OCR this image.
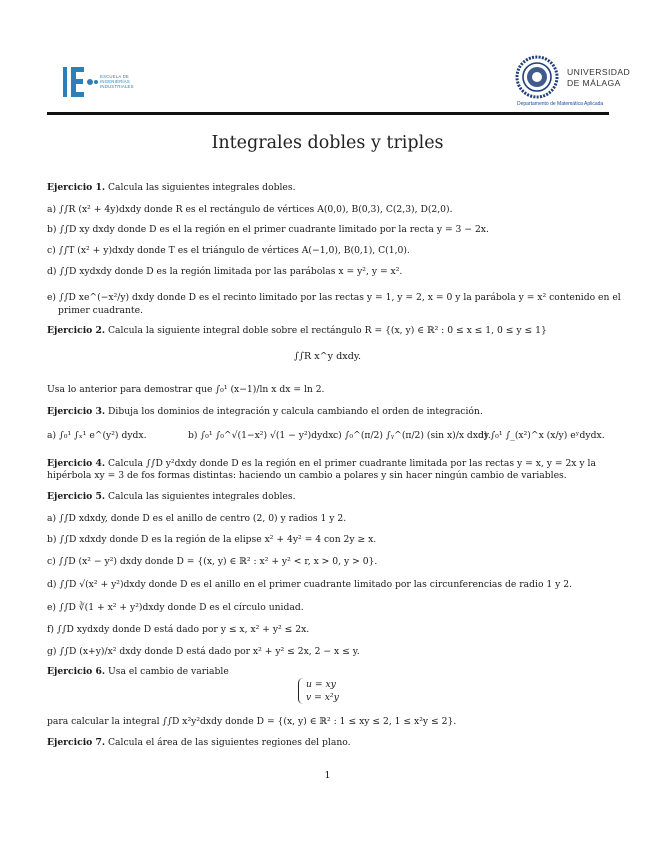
ESCUELA DE
INGENIERÍAS
INDUSTRIALES
UNIVERSIDAD
DE MÁLAGA
Departamento de Matemática Aplicada
Integrales dobles y triples
Ejercicio 1. Calcula las siguientes integrales dobles.
a) ∫∫R (x² + 4y)dxdy donde R es el rectángulo de vértices A(0,0), B(0,3), C(2,3), D(2,0).
b) ∫∫D xy dxdy donde D es el la región en el primer cuadrante limitado por la recta y = 3 − 2x.
c) ∫∫T (x² + y)dxdy donde T es el triángulo de vértices A(−1,0), B(0,1), C(1,0).
d) ∫∫D xydxdy donde D es la región limitada por las parábolas x = y², y = x².
e) ∫∫D xe^(−x²/y) dxdy donde D es el recinto limitado por las rectas y = 1, y = 2, x = 0 y la parábola y = x² contenido en el
primer cuadrante.
Ejercicio 2. Calcula la siguiente integral doble sobre el rectángulo R = {(x, y) ∈ ℝ² : 0 ≤ x ≤ 1, 0 ≤ y ≤ 1}
∫∫R x^y dxdy.
Usa lo anterior para demostrar que ∫₀¹ (x−1)/ln x dx = ln 2.
Ejercicio 3. Dibuja los dominios de integración y calcula cambiando el orden de integración.
a) ∫₀¹ ∫ₓ¹ e^(y²) dydx.	b) ∫₀¹ ∫₀^√(1−x²) √(1 − y²)dydx.
c) ∫₀^(π/2) ∫ᵧ^(π/2) (sin x)/x dxdy.
d) ∫₀¹ ∫_(x²)^x (x/y) eʸdydx.
Ejercicio 4. Calcula ∫∫D y²dxdy donde D es la región en el primer cuadrante limitada por las rectas y = x, y = 2x y la
hipérbola xy = 3 de fos formas distintas: haciendo un cambio a polares y sin hacer ningún cambio de variables.
Ejercicio 5. Calcula las siguientes integrales dobles.
a) ∫∫D xdxdy, donde D es el anillo de centro (2, 0) y radios 1 y 2.
b) ∫∫D xdxdy donde D es la región de la elipse x² + 4y² = 4 con 2y ≥ x.
c) ∫∫D (x² − y²) dxdy donde D = {(x, y) ∈ ℝ² : x² + y² < r, x > 0, y > 0}.
d) ∫∫D √(x² + y²)dxdy donde D es el anillo en el primer cuadrante limitado por las circunferencias de radio 1 y 2.
e) ∫∫D ∛(1 + x² + y²)dxdy donde D es el círculo unidad.
f) ∫∫D xydxdy donde D está dado por y ≤ x, x² + y² ≤ 2x.
g) ∫∫D (x+y)/x² dxdy donde D está dado por x² + y² ≤ 2x, 2 − x ≤ y.
Ejercicio 6. Usa el cambio de variable
u = xy
v = x²y
para calcular la integral ∫∫D x²y²dxdy donde D = {(x, y) ∈ ℝ² : 1 ≤ xy ≤ 2, 1 ≤ x²y ≤ 2}.
Ejercicio 7. Calcula el área de las siguientes regiones del plano.
1
